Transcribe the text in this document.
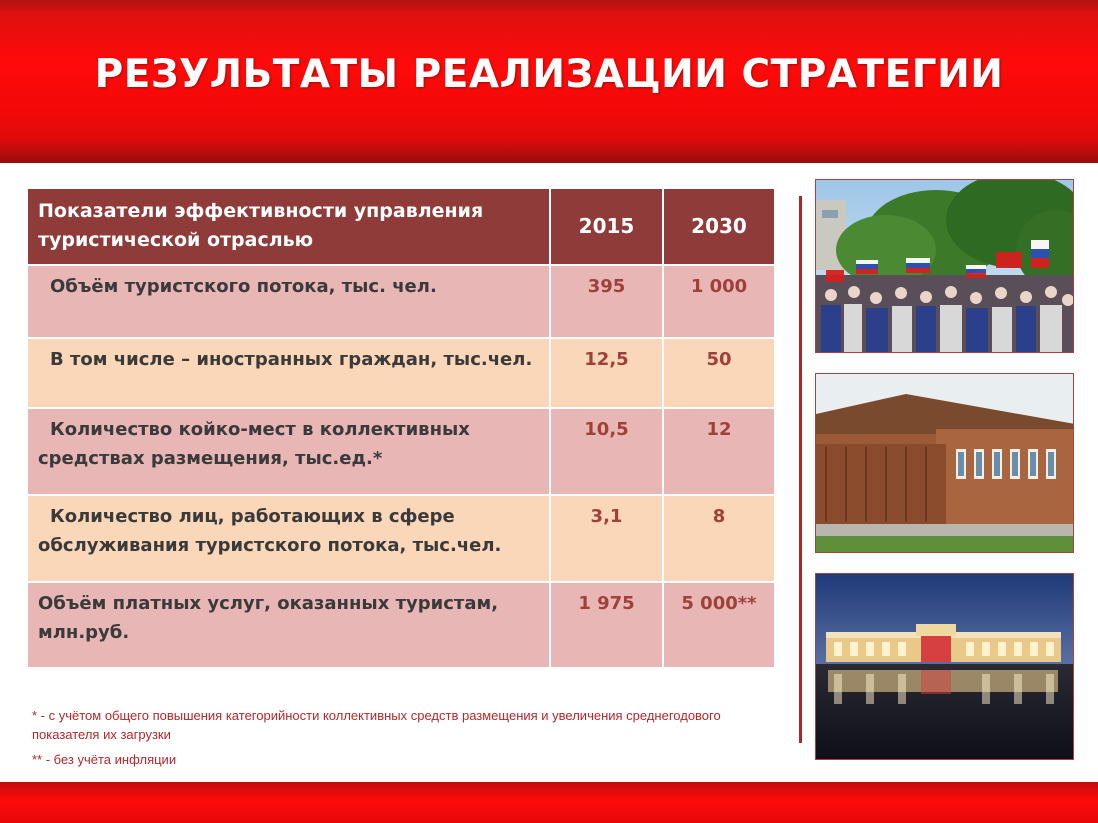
РЕЗУЛЬТАТЫ РЕАЛИЗАЦИИ СТРАТЕГИИ
Показатели эффективности управления туристической отраслью	2015	2030
Объём туристского потока, тыс. чел.	395	1 000
В том числе – иностранных граждан, тыс.чел.	12,5	50
Количество койко-мест в коллективных средствах размещения, тыс.ед.*	10,5	12
Количество лиц, работающих в сфере обслуживания туристского потока, тыс.чел.	3,1	8
Объём платных услуг, оказанных туристам, млн.руб.	1 975	5 000**
* - с учётом общего повышения категорийности коллективных средств размещения и увеличения среднегодового показателя их загрузки
** - без учёта инфляции
